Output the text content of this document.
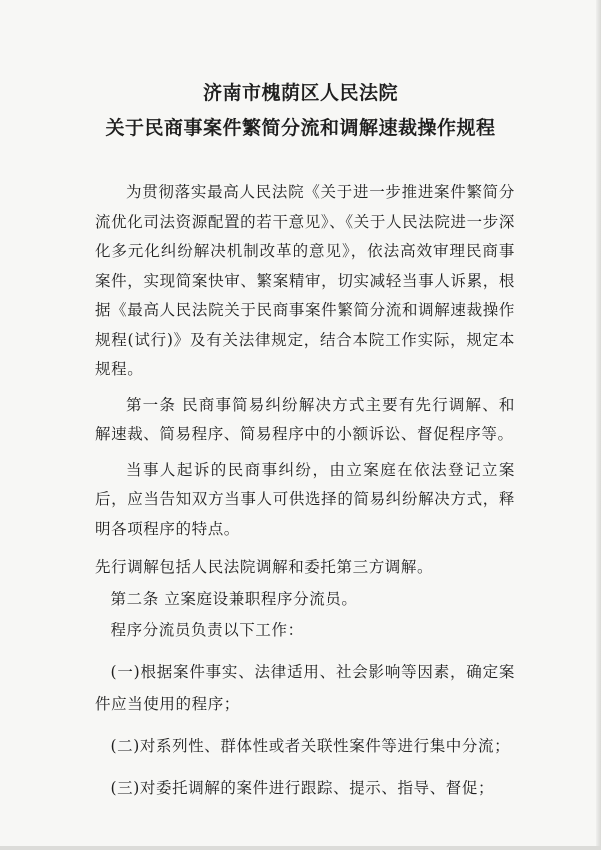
济南市槐荫区人民法院
关于民商事案件繁简分流和调解速裁操作规程

为贯彻落实最高人民法院《关于进一步推进案件繁简分流优化司法资源配置的若干意见》、《关于人民法院进一步深化多元化纠纷解决机制改革的意见》，依法高效审理民商事案件，实现简案快审、繁案精审，切实减轻当事人诉累，根据《最高人民法院关于民商事案件繁简分流和调解速裁操作规程(试行)》及有关法律规定，结合本院工作实际，规定本规程。

第一条 民商事简易纠纷解决方式主要有先行调解、和解速裁、简易程序、简易程序中的小额诉讼、督促程序等。

当事人起诉的民商事纠纷，由立案庭在依法登记立案后，应当告知双方当事人可供选择的简易纠纷解决方式，释明各项程序的特点。

先行调解包括人民法院调解和委托第三方调解。

第二条 立案庭设兼职程序分流员。

程序分流员负责以下工作：

(一)根据案件事实、法律适用、社会影响等因素，确定案件应当使用的程序；

(二)对系列性、群体性或者关联性案件等进行集中分流；

(三)对委托调解的案件进行跟踪、提示、指导、督促；
